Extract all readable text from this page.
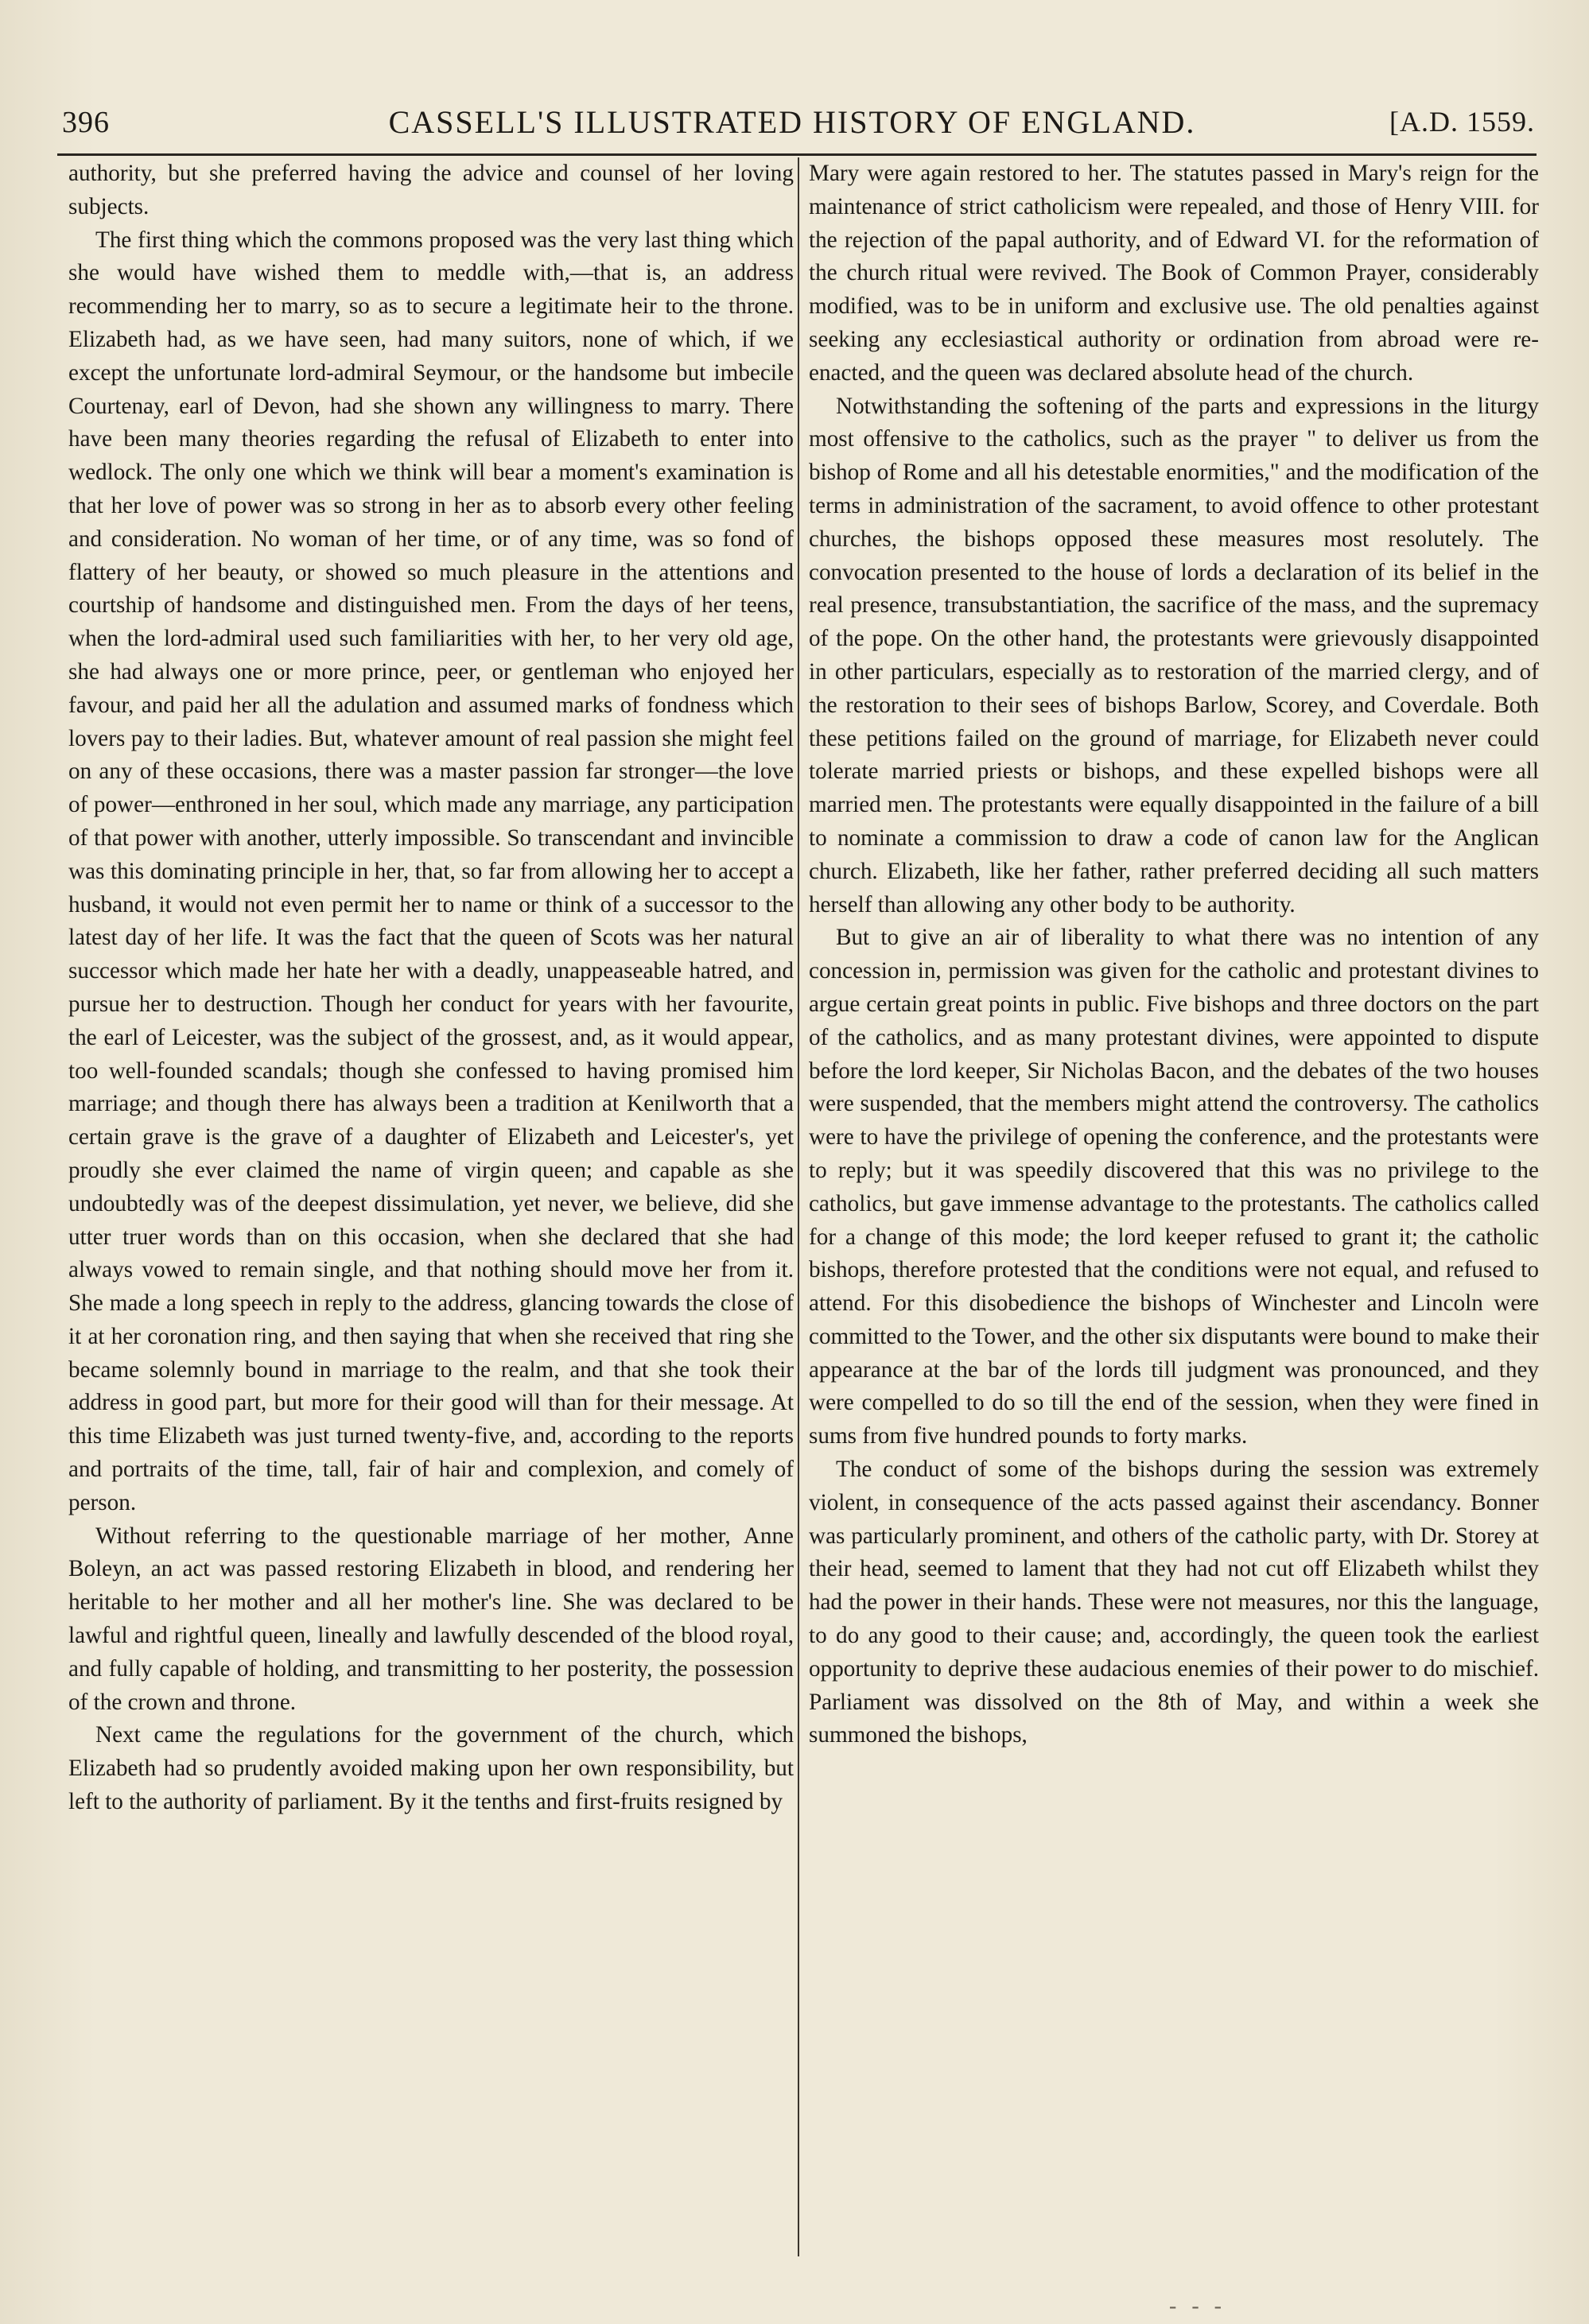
396	CASSELL'S ILLUSTRATED HISTORY OF ENGLAND.	[A.D. 1559.

authority, but she preferred having the advice and counsel of her loving subjects.

The first thing which the commons proposed was the very last thing which she would have wished them to meddle with,—that is, an address recommending her to marry, so as to secure a legitimate heir to the throne. Elizabeth had, as we have seen, had many suitors, none of which, if we except the unfortunate lord-admiral Seymour, or the handsome but imbecile Courtenay, earl of Devon, had she shown any willingness to marry. There have been many theories regarding the refusal of Elizabeth to enter into wedlock. The only one which we think will bear a moment's examination is that her love of power was so strong in her as to absorb every other feeling and consideration. No woman of her time, or of any time, was so fond of flattery of her beauty, or showed so much pleasure in the attentions and courtship of handsome and distinguished men. From the days of her teens, when the lord-admiral used such familiarities with her, to her very old age, she had always one or more prince, peer, or gentleman who enjoyed her favour, and paid her all the adulation and assumed marks of fondness which lovers pay to their ladies. But, whatever amount of real passion she might feel on any of these occasions, there was a master passion far stronger—the love of power—enthroned in her soul, which made any marriage, any participation of that power with another, utterly impossible. So transcendant and invincible was this dominating principle in her, that, so far from allowing her to accept a husband, it would not even permit her to name or think of a successor to the latest day of her life. It was the fact that the queen of Scots was her natural successor which made her hate her with a deadly, unappeaseable hatred, and pursue her to destruction. Though her conduct for years with her favourite, the earl of Leicester, was the subject of the grossest, and, as it would appear, too well-founded scandals; though she confessed to having promised him marriage; and though there has always been a tradition at Kenilworth that a certain grave is the grave of a daughter of Elizabeth and Leicester's, yet proudly she ever claimed the name of virgin queen; and capable as she undoubtedly was of the deepest dissimulation, yet never, we believe, did she utter truer words than on this occasion, when she declared that she had always vowed to remain single, and that nothing should move her from it. She made a long speech in reply to the address, glancing towards the close of it at her coronation ring, and then saying that when she received that ring she became solemnly bound in marriage to the realm, and that she took their address in good part, but more for their good will than for their message. At this time Elizabeth was just turned twenty-five, and, according to the reports and portraits of the time, tall, fair of hair and complexion, and comely of person.

Without referring to the questionable marriage of her mother, Anne Boleyn, an act was passed restoring Elizabeth in blood, and rendering her heritable to her mother and all her mother's line. She was declared to be lawful and rightful queen, lineally and lawfully descended of the blood royal, and fully capable of holding, and transmitting to her posterity, the possession of the crown and throne.

Next came the regulations for the government of the church, which Elizabeth had so prudently avoided making upon her own responsibility, but left to the authority of parliament. By it the tenths and first-fruits resigned by

Mary were again restored to her. The statutes passed in Mary's reign for the maintenance of strict catholicism were repealed, and those of Henry VIII. for the rejection of the papal authority, and of Edward VI. for the reformation of the church ritual were revived. The Book of Common Prayer, considerably modified, was to be in uniform and exclusive use. The old penalties against seeking any ecclesiastical authority or ordination from abroad were re-enacted, and the queen was declared absolute head of the church.

Notwithstanding the softening of the parts and expressions in the liturgy most offensive to the catholics, such as the prayer " to deliver us from the bishop of Rome and all his detestable enormities," and the modification of the terms in administration of the sacrament, to avoid offence to other protestant churches, the bishops opposed these measures most resolutely. The convocation presented to the house of lords a declaration of its belief in the real presence, transubstantiation, the sacrifice of the mass, and the supremacy of the pope. On the other hand, the protestants were grievously disappointed in other particulars, especially as to restoration of the married clergy, and of the restoration to their sees of bishops Barlow, Scorey, and Coverdale. Both these petitions failed on the ground of marriage, for Elizabeth never could tolerate married priests or bishops, and these expelled bishops were all married men. The protestants were equally disappointed in the failure of a bill to nominate a commission to draw a code of canon law for the Anglican church. Elizabeth, like her father, rather preferred deciding all such matters herself than allowing any other body to be authority.

But to give an air of liberality to what there was no intention of any concession in, permission was given for the catholic and protestant divines to argue certain great points in public. Five bishops and three doctors on the part of the catholics, and as many protestant divines, were appointed to dispute before the lord keeper, Sir Nicholas Bacon, and the debates of the two houses were suspended, that the members might attend the controversy. The catholics were to have the privilege of opening the conference, and the protestants were to reply; but it was speedily discovered that this was no privilege to the catholics, but gave immense advantage to the protestants. The catholics called for a change of this mode; the lord keeper refused to grant it; the catholic bishops, therefore protested that the conditions were not equal, and refused to attend. For this disobedience the bishops of Winchester and Lincoln were committed to the Tower, and the other six disputants were bound to make their appearance at the bar of the lords till judgment was pronounced, and they were compelled to do so till the end of the session, when they were fined in sums from five hundred pounds to forty marks.

The conduct of some of the bishops during the session was extremely violent, in consequence of the acts passed against their ascendancy. Bonner was particularly prominent, and others of the catholic party, with Dr. Storey at their head, seemed to lament that they had not cut off Elizabeth whilst they had the power in their hands. These were not measures, nor this the language, to do any good to their cause; and, accordingly, the queen took the earliest opportunity to deprive these audacious enemies of their power to do mischief. Parliament was dissolved on the 8th of May, and within a week she summoned the bishops,

- - -
